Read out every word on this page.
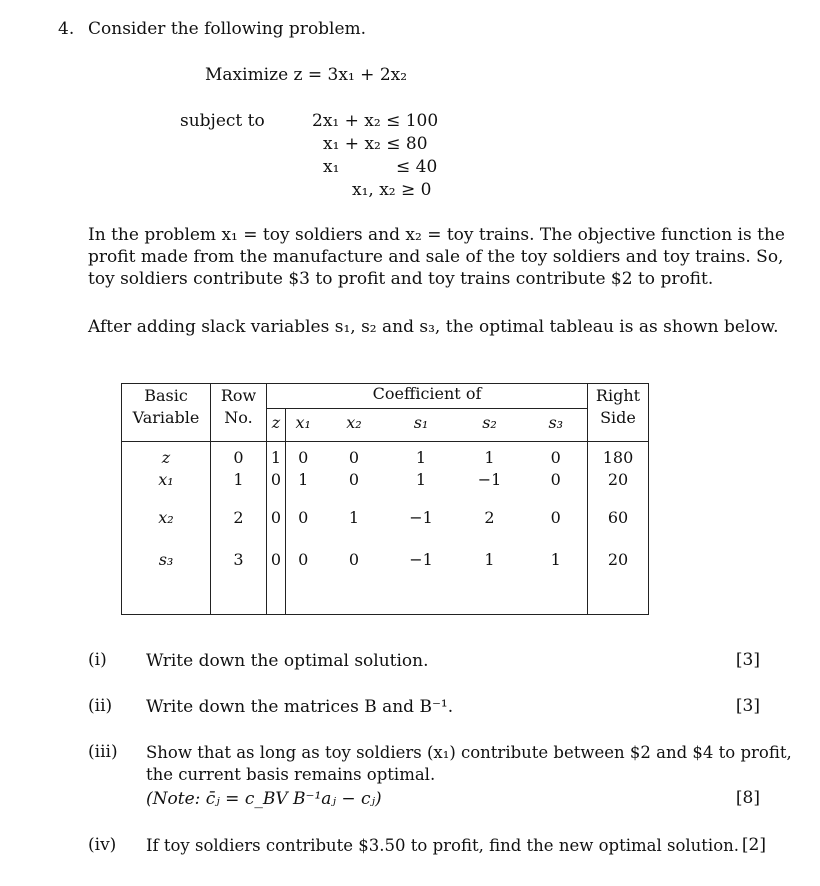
4. Consider the following problem.
Maximize z = 3x₁ + 2x₂
subject to	2x₁ + x₂ ≤ 100
x₁ + x₂ ≤ 80
x₁	≤ 40
x₁, x₂ ≥ 0
In the problem x₁ = toy soldiers and x₂ = toy trains. The objective function is the profit made from the manufacture and sale of the toy soldiers and toy trains. So, toy soldiers contribute $3 to profit and toy trains contribute $2 to profit.
After adding slack variables s₁, s₂ and s₃, the optimal tableau is as shown below.
Basic Variable	Row No.	Coefficient of						Right Side
		z	x₁	x₂	s₁	s₂	s₃	
z	0	1	0	0	1	1	0	180
x₁	1	0	1	0	1	−1	0	20
x₂	2	0	0	1	−1	2	0	60
s₃	3	0	0	0	−1	1	1	20
(i) Write down the optimal solution.	[3]
(ii) Write down the matrices B and B⁻¹.	[3]
(iii) Show that as long as toy soldiers (x₁) contribute between $2 and $4 to profit, the current basis remains optimal.
(Note: c̄ⱼ = c_BV B⁻¹aⱼ − cⱼ)	[8]
(iv) If toy soldiers contribute $3.50 to profit, find the new optimal solution. [2]
